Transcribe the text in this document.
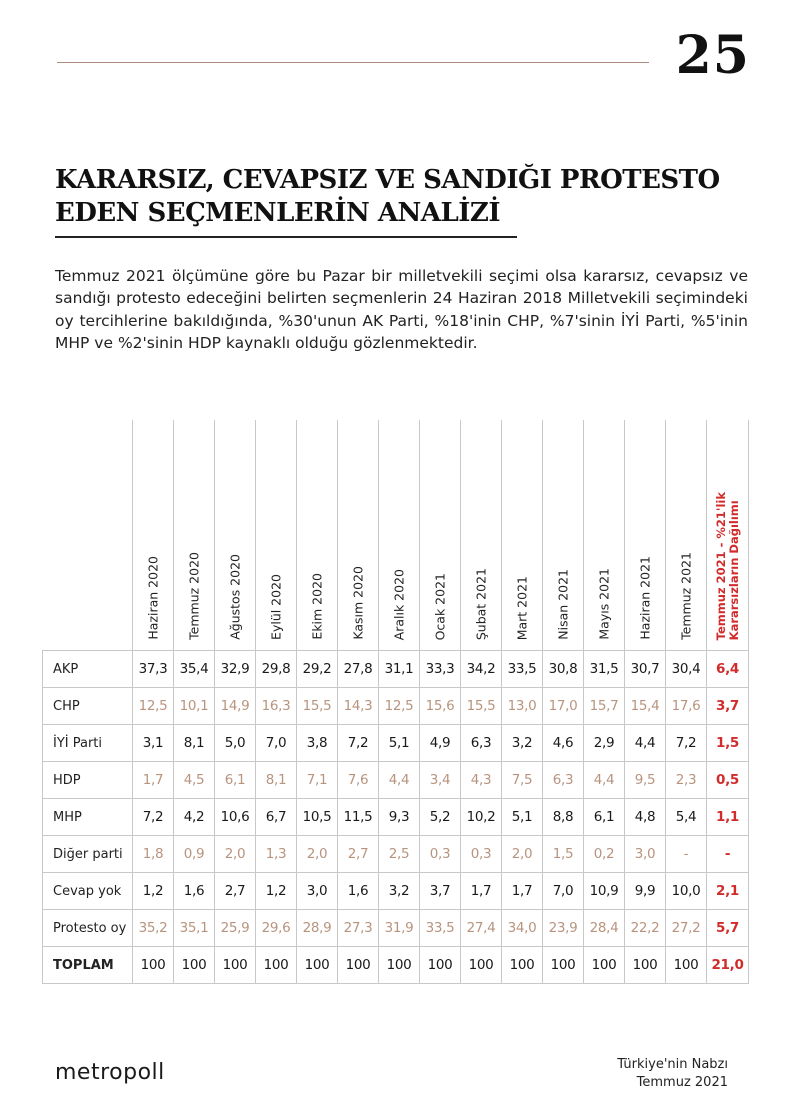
25
KARARSIZ, CEVAPSIZ VE SANDIĞI PROTESTO
EDEN SEÇMENLERİN ANALİZİ

Temmuz 2021 ölçümüne göre bu Pazar bir milletvekili seçimi olsa kararsız, cevapsız ve sandığı protesto edeceğini belirten seçmenlerin 24 Haziran 2018 Milletvekili seçimindeki oy tercihlerine bakıldığında, %30'unun AK Parti, %18'inin CHP, %7'sinin İYİ Parti, %5'inin MHP ve %2'sinin HDP kaynaklı olduğu gözlenmektedir.

	Haziran 2020	Temmuz 2020	Ağustos 2020	Eylül 2020	Ekim 2020	Kasım 2020	Aralık 2020	Ocak 2021	Şubat 2021	Mart 2021	Nisan 2021	Mayıs 2021	Haziran 2021	Temmuz 2021	Temmuz 2021 - %21'lik Kararsızların Dağılımı

AKP	37,3	35,4	32,9	29,8	29,2	27,8	31,1	33,3	34,2	33,5	30,8	31,5	30,7	30,4	6,4
CHP	12,5	10,1	14,9	16,3	15,5	14,3	12,5	15,6	15,5	13,0	17,0	15,7	15,4	17,6	3,7
İYİ Parti	3,1	8,1	5,0	7,0	3,8	7,2	5,1	4,9	6,3	3,2	4,6	2,9	4,4	7,2	1,5
HDP	1,7	4,5	6,1	8,1	7,1	7,6	4,4	3,4	4,3	7,5	6,3	4,4	9,5	2,3	0,5
MHP	7,2	4,2	10,6	6,7	10,5	11,5	9,3	5,2	10,2	5,1	8,8	6,1	4,8	5,4	1,1
Diğer parti	1,8	0,9	2,0	1,3	2,0	2,7	2,5	0,3	0,3	2,0	1,5	0,2	3,0	-	-
Cevap yok	1,2	1,6	2,7	1,2	3,0	1,6	3,2	3,7	1,7	1,7	7,0	10,9	9,9	10,0	2,1
Protesto oy	35,2	35,1	25,9	29,6	28,9	27,3	31,9	33,5	27,4	34,0	23,9	28,4	22,2	27,2	5,7
TOPLAM	100	100	100	100	100	100	100	100	100	100	100	100	100	100	21,0
metropoll	Türkiye'nin Nabzı
Temmuz 2021
